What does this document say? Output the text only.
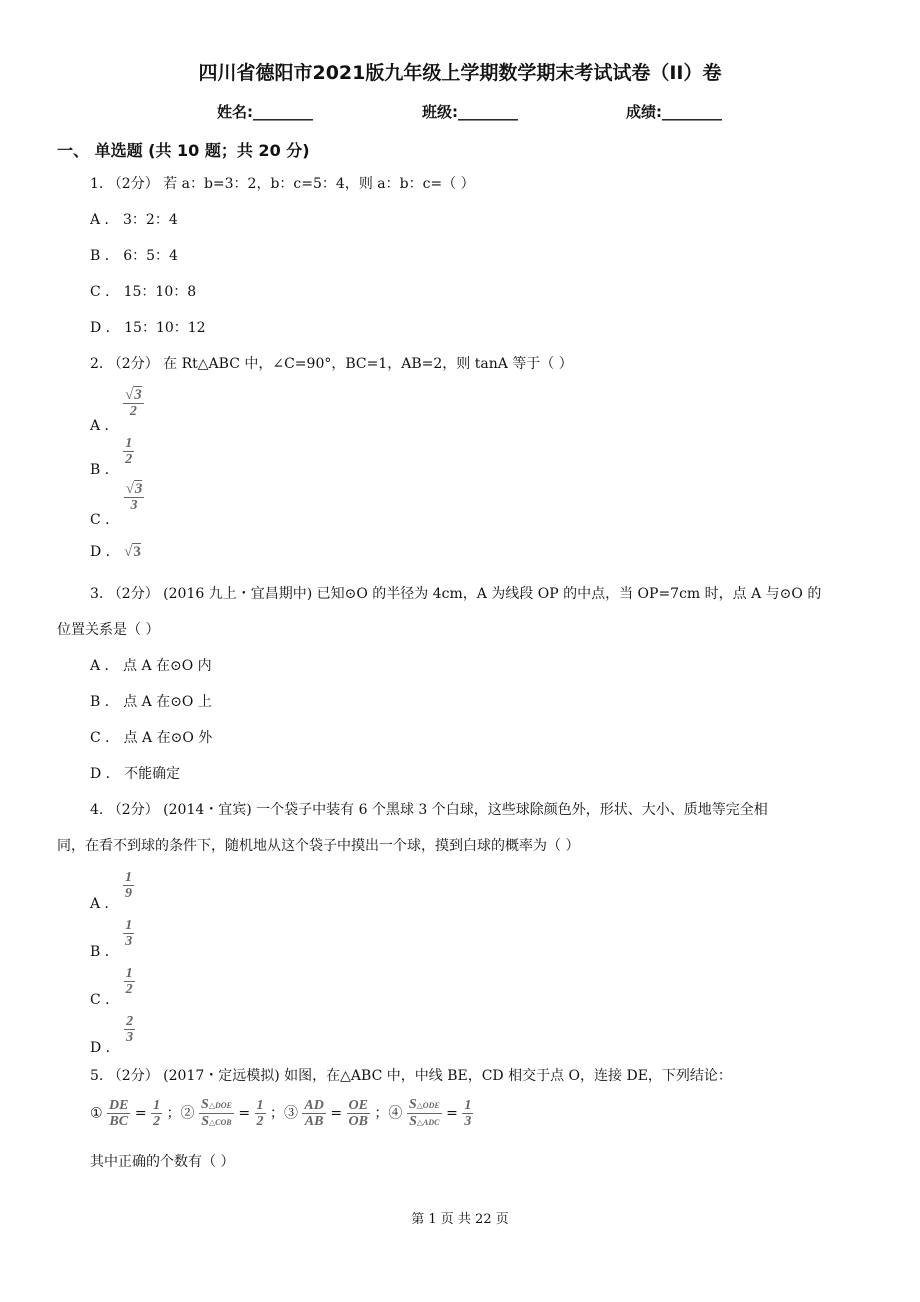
四川省德阳市2021版九年级上学期数学期末考试试卷（II）卷
姓名:________	班级:________	成绩:________
一、 单选题 (共 10 题；共 20 分)
1. （2分） 若 a：b=3：2，b：c=5：4，则 a：b：c=（ ）
A ． 3：2：4
B ． 6：5：4
C ． 15：10：8
D ． 15：10：12
2. （2分） 在 Rt△ABC 中，∠C=90°，BC=1，AB=2，则 tanA 等于（ ）
A ．
$\frac{√3}{2}$
B ．
$\frac{1}{2}$
C ．
$\frac{√3}{3}$
D ． √3
3. （2分） (2016 九上・宜昌期中) 已知⊙O 的半径为 4cm，A 为线段 OP 的中点，当 OP=7cm 时，点 A 与⊙O 的
位置关系是（ ）
A ． 点 A 在⊙O 内
B ． 点 A 在⊙O 上
C ． 点 A 在⊙O 外
D ． 不能确定
4. （2分） (2014・宜宾) 一个袋子中装有 6 个黑球 3 个白球，这些球除颜色外，形状、大小、质地等完全相
同，在看不到球的条件下，随机地从这个袋子中摸出一个球，摸到白球的概率为（ ）
A ．
$\frac{1}{9}$
B ．
$\frac{1}{3}$
C ．
$\frac{1}{2}$
D ．
$\frac{2}{3}$
5. （2分） (2017・定远模拟) 如图，在△ABC 中，中线 BE，CD 相交于点 O，连接 DE，下列结论：
① $\frac{DE}{BC} = \frac{1}{2}$ ；② $\frac{\text{S△DOE}}{\text{S△COB}} = \frac{1}{2}$ ；③ $\frac{AD}{AB} = \frac{OE}{OB}$ ；④ $\frac{\text{S△ODE}}{\text{S△ADC}} = \frac{1}{3}$
其中正确的个数有（ ）
第 1 页 共 22 页
